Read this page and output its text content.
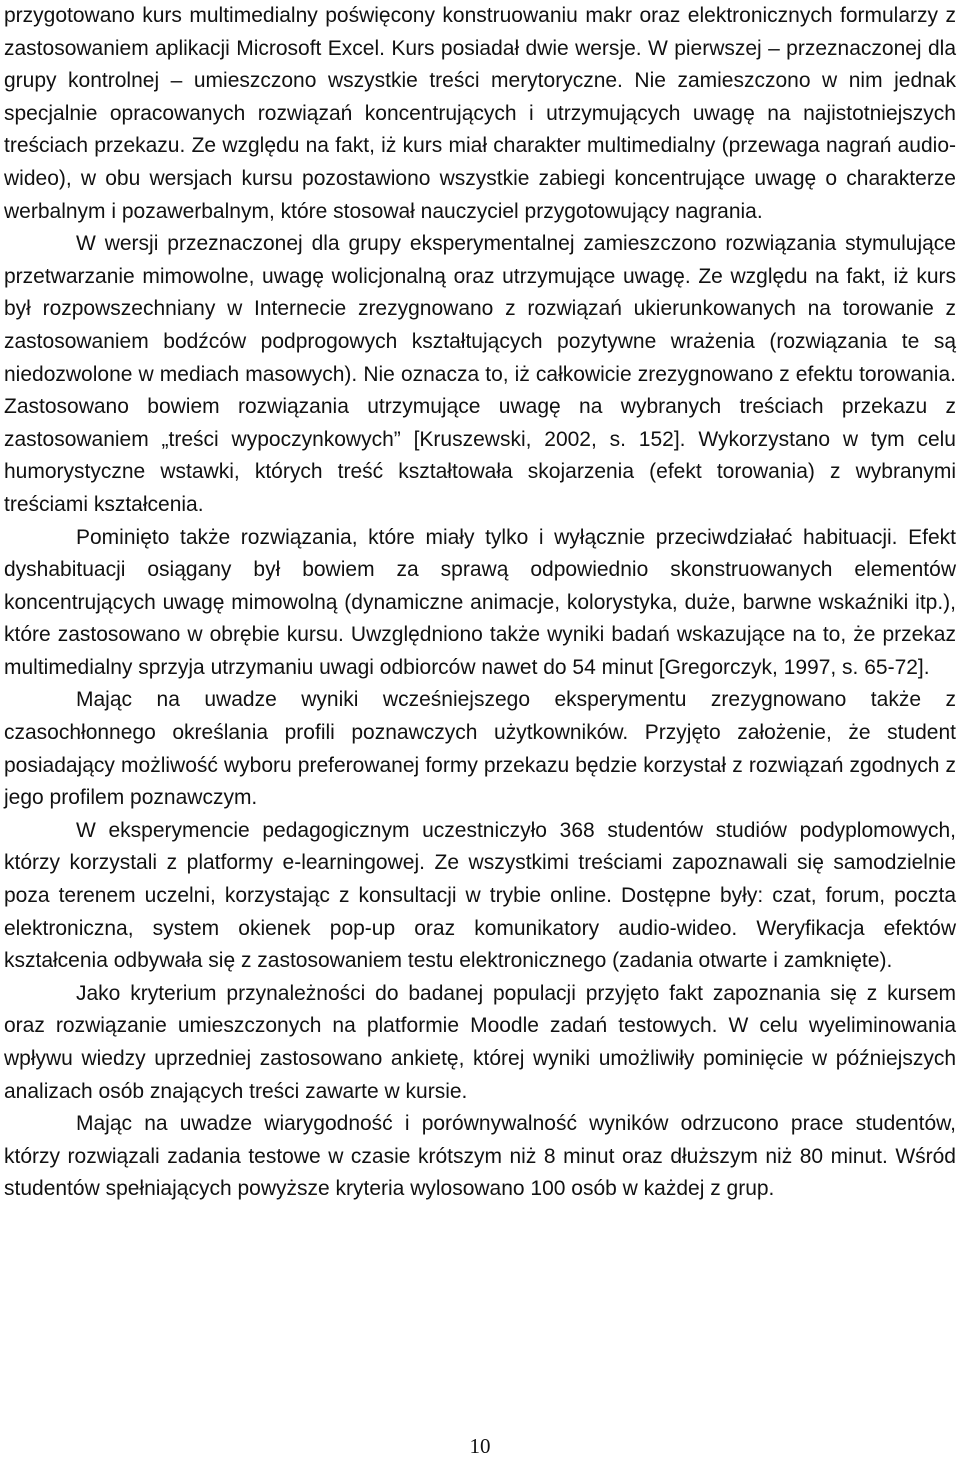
przygotowano kurs multimedialny poświęcony konstruowaniu makr oraz elektronicznych formularzy z zastosowaniem aplikacji Microsoft Excel. Kurs posiadał dwie wersje. W pierwszej – przeznaczonej dla grupy kontrolnej – umieszczono wszystkie treści merytoryczne. Nie zamieszczono w nim jednak specjalnie opracowanych rozwiązań koncentrujących i utrzymujących uwagę na najistotniejszych treściach przekazu. Ze względu na fakt, iż kurs miał charakter multimedialny (przewaga nagrań audio-wideo), w obu wersjach kursu pozostawiono wszystkie zabiegi koncentrujące uwagę o charakterze werbalnym i pozawerbalnym, które stosował nauczyciel przygotowujący nagrania.

W wersji przeznaczonej dla grupy eksperymentalnej zamieszczono rozwiązania stymulujące przetwarzanie mimowolne, uwagę wolicjonalną oraz utrzymujące uwagę. Ze względu na fakt, iż kurs był rozpowszechniany w Internecie zrezygnowano z rozwiązań ukierunkowanych na torowanie z zastosowaniem bodźców podprogowych kształtujących pozytywne wrażenia (rozwiązania te są niedozwolone w mediach masowych). Nie oznacza to, iż całkowicie zrezygnowano z efektu torowania. Zastosowano bowiem rozwiązania utrzymujące uwagę na wybranych treściach przekazu z zastosowaniem „treści wypoczynkowych” [Kruszewski, 2002, s. 152]. Wykorzystano w tym celu humorystyczne wstawki, których treść kształtowała skojarzenia (efekt torowania) z wybranymi treściami kształcenia.

Pominięto także rozwiązania, które miały tylko i wyłącznie przeciwdziałać habituacji. Efekt dyshabituacji osiągany był bowiem za sprawą odpowiednio skonstruowanych elementów koncentrujących uwagę mimowolną (dynamiczne animacje, kolorystyka, duże, barwne wskaźniki itp.), które zastosowano w obrębie kursu. Uwzględniono także wyniki badań wskazujące na to, że przekaz multimedialny sprzyja utrzymaniu uwagi odbiorców nawet do 54 minut [Gregorczyk, 1997, s. 65-72].

Mając na uwadze wyniki wcześniejszego eksperymentu zrezygnowano także z czasochłonnego określania profili poznawczych użytkowników. Przyjęto założenie, że student posiadający możliwość wyboru preferowanej formy przekazu będzie korzystał z rozwiązań zgodnych z jego profilem poznawczym.

W eksperymencie pedagogicznym uczestniczyło 368 studentów studiów podyplomowych, którzy korzystali z platformy e-learningowej. Ze wszystkimi treściami zapoznawali się samodzielnie poza terenem uczelni, korzystając z konsultacji w trybie online. Dostępne były: czat, forum, poczta elektroniczna, system okienek pop-up oraz komunikatory audio-wideo. Weryfikacja efektów kształcenia odbywała się z zastosowaniem testu elektronicznego (zadania otwarte i zamknięte).

Jako kryterium przynależności do badanej populacji przyjęto fakt zapoznania się z kursem oraz rozwiązanie umieszczonych na platformie Moodle zadań testowych. W celu wyeliminowania wpływu wiedzy uprzedniej zastosowano ankietę, której wyniki umożliwiły pominięcie w późniejszych analizach osób znających treści zawarte w kursie.

Mając na uwadze wiarygodność i porównywalność wyników odrzucono prace studentów, którzy rozwiązali zadania testowe w czasie krótszym niż 8 minut oraz dłuższym niż 80 minut. Wśród studentów spełniających powyższe kryteria wylosowano 100 osób w każdej z grup.

10
